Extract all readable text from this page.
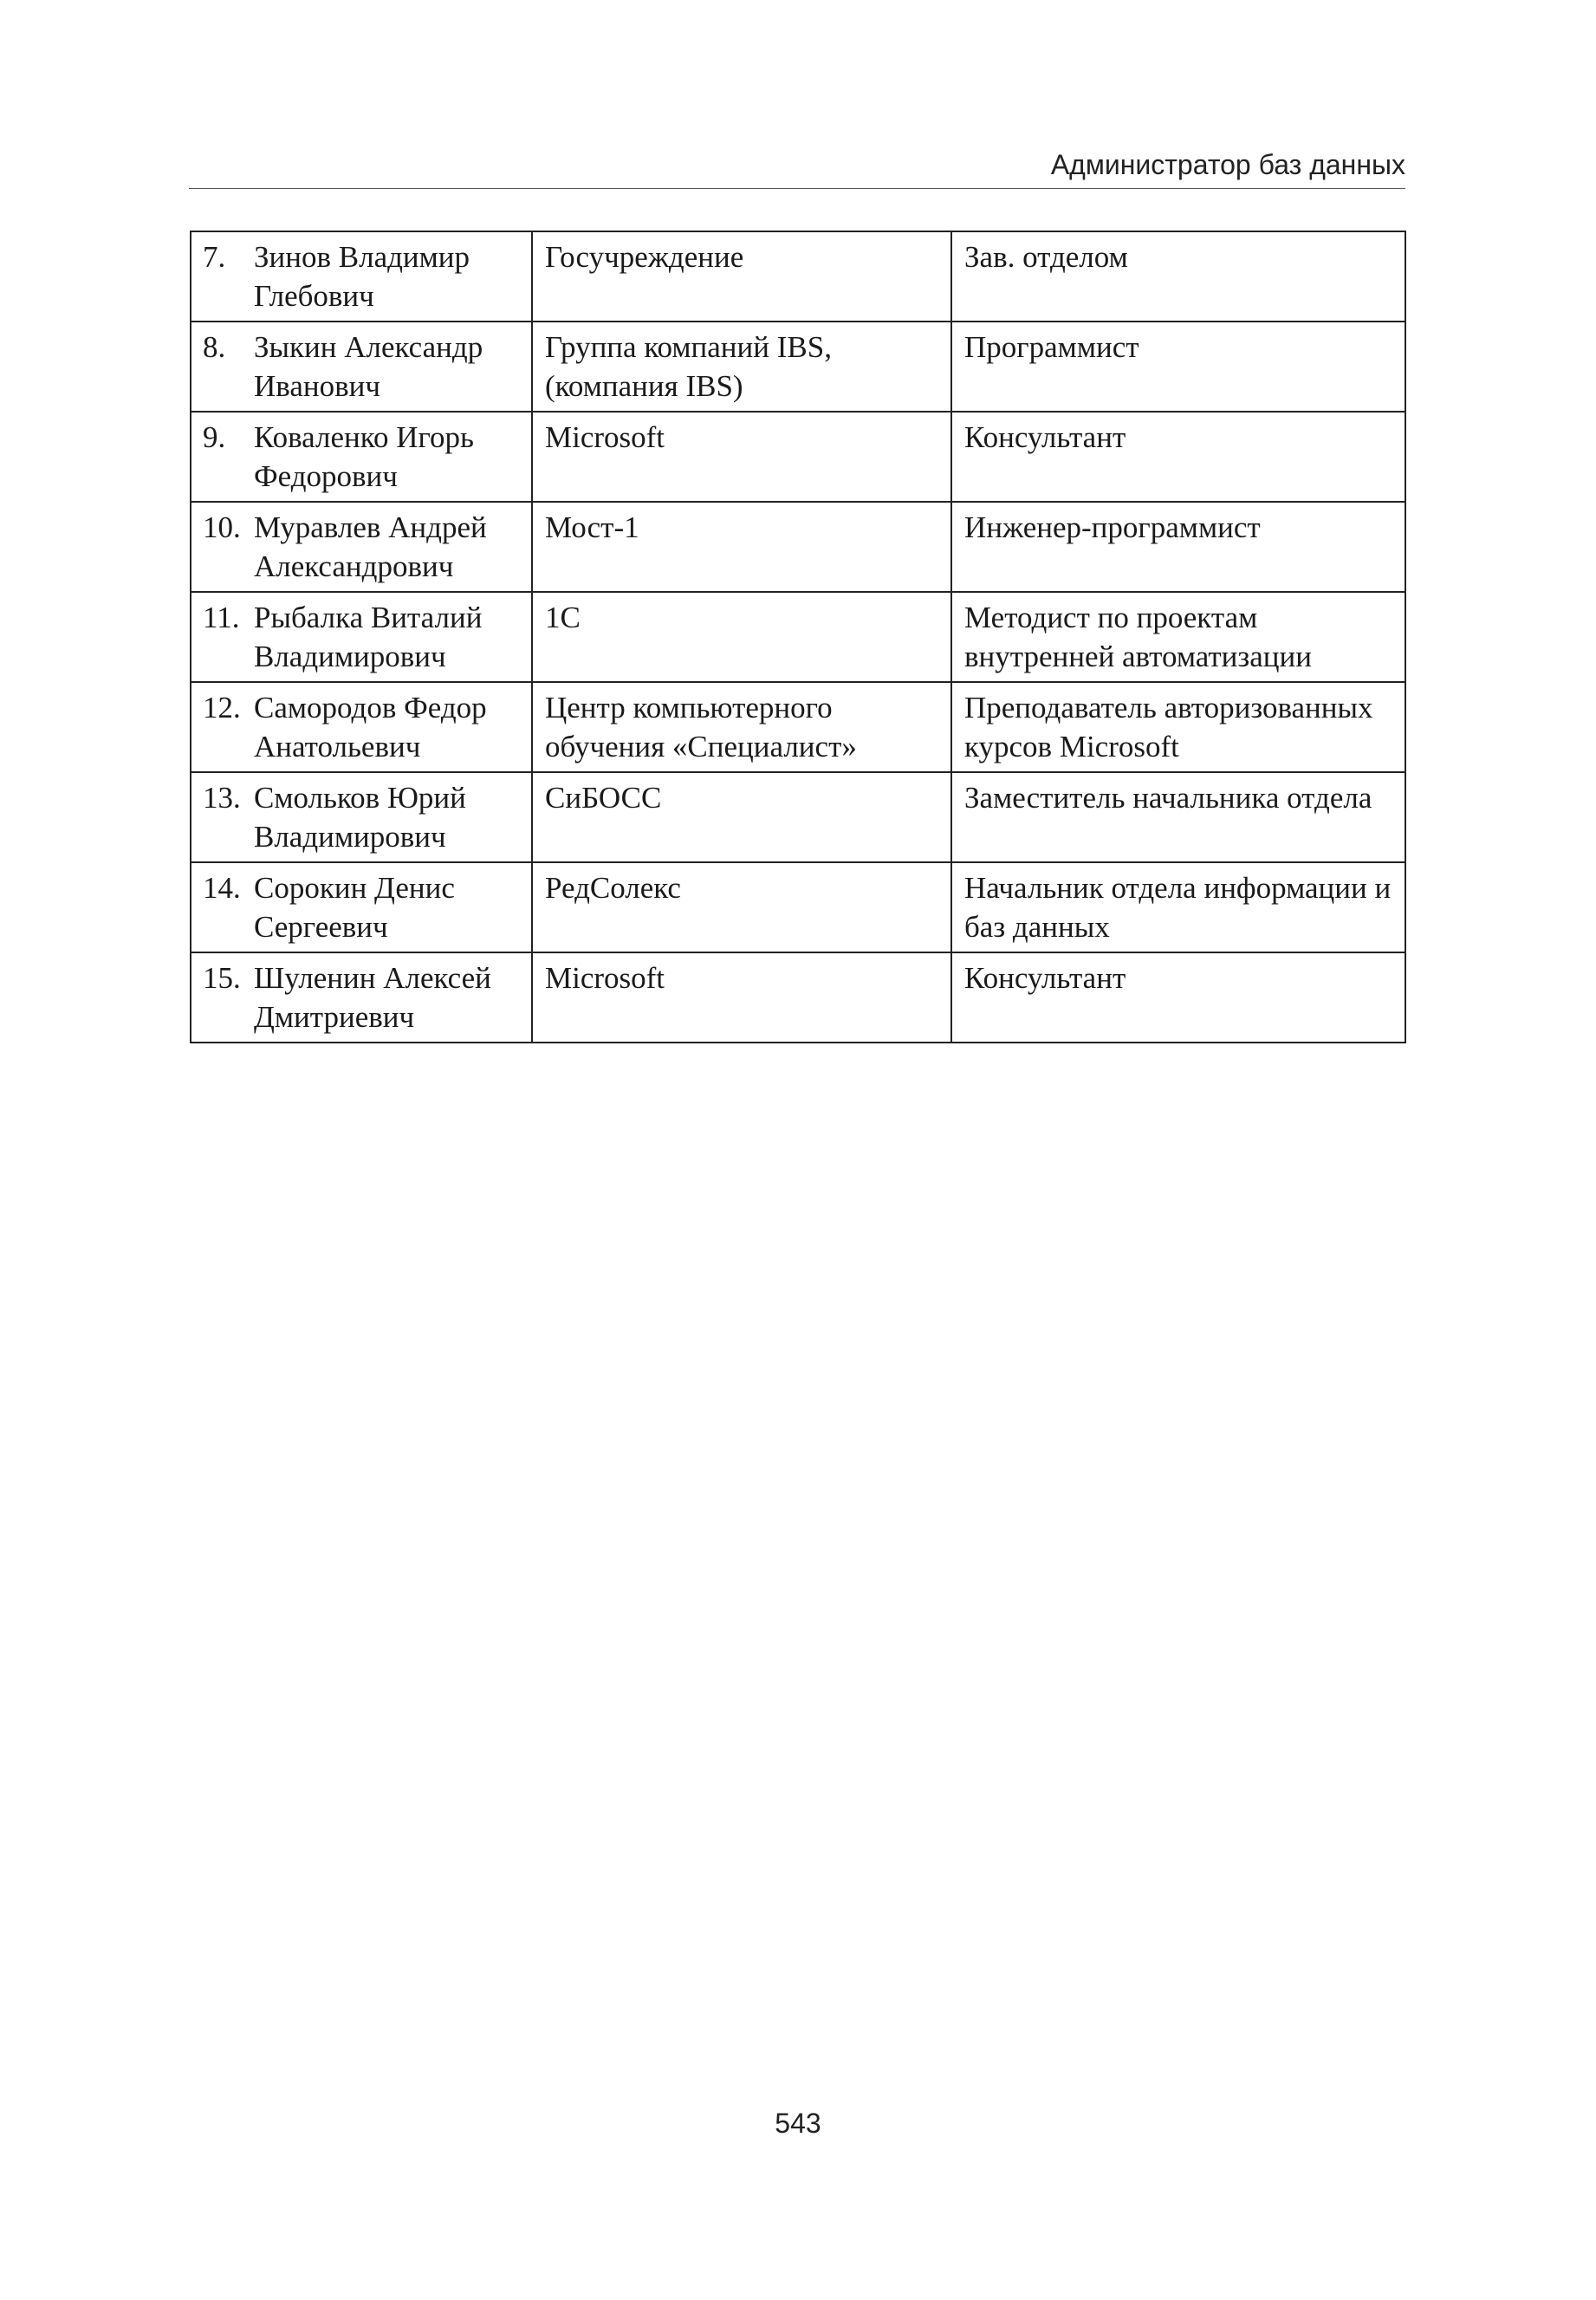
Администратор баз данных
7. Зинов Владимир Глебович	Госучреждение	Зав. отделом

8. Зыкин Александр Иванович	Группа компаний IBS, (компания IBS)	Программист

9. Коваленко Игорь Федорович	Microsoft	Консультант

10. Муравлев Андрей Александрович	Мост-1	Инженер-программист

11. Рыбалка Виталий Владимирович	1С	Методист по проектам внутренней автоматизации

12. Самородов Федор Анатольевич	Центр компьютерного обучения «Специалист»	Преподаватель авторизованных курсов Microsoft

13. Смольков Юрий Владимирович	СиБОСС	Заместитель начальника отдела

14. Сорокин Денис Сергеевич	РедСолекс	Начальник отдела информации и баз данных

15. Шуленин Алексей Дмитриевич	Microsoft	Консультант
543
